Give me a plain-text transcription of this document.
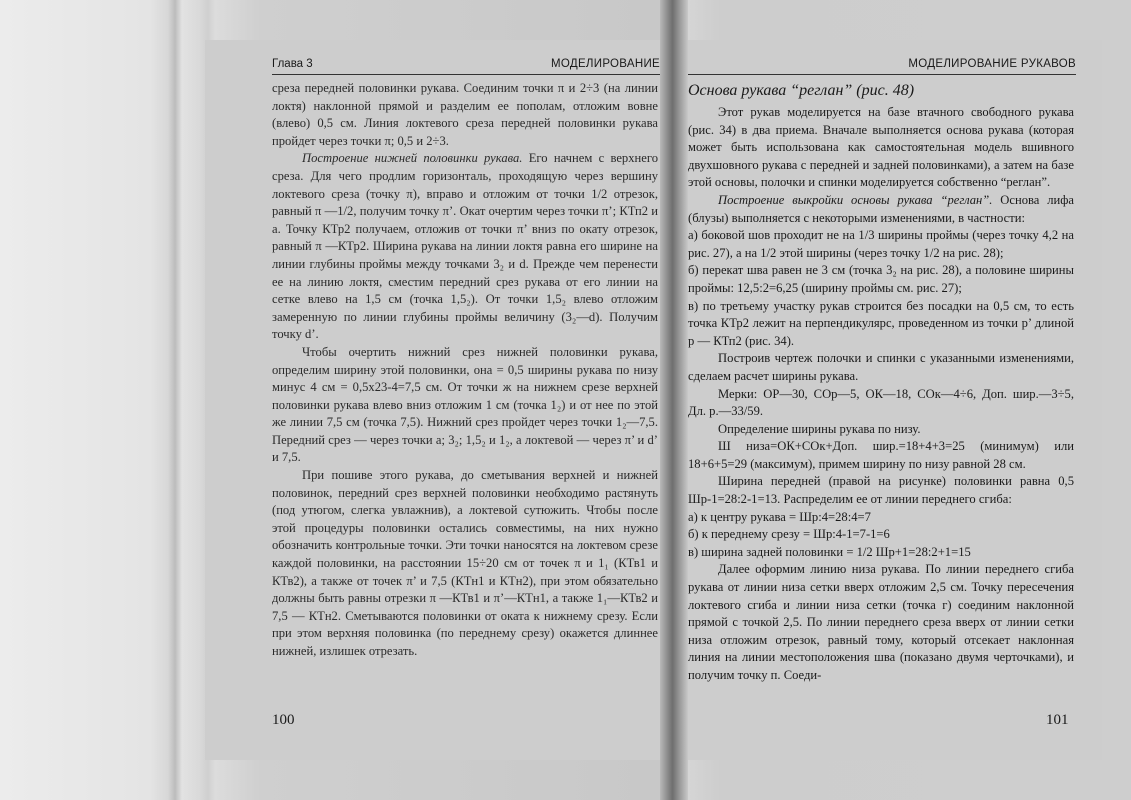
Глава 3	МОДЕЛИРОВАНИЕ	МОДЕЛИРОВАНИЕ РУКАВОВ

среза передней половинки рукава. Соединим точки π и 2÷3 (на линии локтя) наклонной прямой и разделим ее пополам, отложим вовне (влево) 0,5 см. Линия локтевого среза передней половинки рукава пройдет через точки π; 0,5 и 2÷3.

Построение нижней половинки рукава. Его начнем с верхнего среза. Для чего продлим горизонталь, проходящую через вершину локтевого среза (точку π), вправо и отложим от точки 1/2 отрезок, равный π —1/2, получим точку π’. Окат очертим через точки π’; КТп2 и а. Точку КТр2 получаем, отложив от точки π’ вниз по окату отрезок, равный π —КТр2. Ширина рукава на линии локтя равна его ширине на линии глубины проймы между точками 3₂ и d. Прежде чем перенести ее на линию локтя, сместим передний срез рукава от его линии на сетке влево на 1,5 см (точка 1,5₂). От точки 1,5₂ влево отложим замеренную по линии глубины проймы величину (3₂—d). Получим точку d’.

Чтобы очертить нижний срез нижней половинки рукава, определим ширину этой половинки, она = 0,5 ширины рукава по низу минус 4 см = 0,5х23-4=7,5 см. От точки ж на нижнем срезе верхней половинки рукава влево вниз отложим 1 см (точка 1₂) и от нее по этой же линии 7,5 см (точка 7,5). Нижний срез пройдет через точки 1₂—7,5. Передний срез — через точки а; 3₂; 1,5₂ и 1₂, а локтевой — через π’ и d’ и 7,5.

При пошиве этого рукава, до сметывания верхней и нижней половинок, передний срез верхней половинки необходимо растянуть (под утюгом, слегка увлажнив), а локтевой сутюжить. Чтобы после этой процедуры половинки остались совместимы, на них нужно обозначить контрольные точки. Эти точки наносятся на локтевом срезе каждой половинки, на расстоянии 15÷20 см от точек π и 1₁ (КТв1 и КТв2), а также от точек π’ и 7,5 (КТн1 и КТн2), при этом обязательно должны быть равны отрезки π —КТв1 и π’—КТн1, а также 1₁—КТв2 и 7,5 — КТн2. Сметываются половинки от оката к нижнему срезу. Если при этом верхняя половинка (по переднему срезу) окажется длиннее нижней, излишек отрезать.

Основа рукава “реглан” (рис. 48)

Этот рукав моделируется на базе втачного свободного рукава (рис. 34) в два приема. Вначале выполняется основа рукава (которая может быть использована как самостоятельная модель вшивного двухшовного рукава с передней и задней половинками), а затем на базе этой основы, полочки и спинки моделируется собственно “реглан”.

Построение выкройки основы рукава “реглан”. Основа лифа (блузы) выполняется с некоторыми изменениями, в частности:

а) боковой шов проходит не на 1/3 ширины проймы (через точку 4,2 на рис. 27), а на 1/2 этой ширины (через точку 1/2 на рис. 28);

б) перекат шва равен не 3 см (точка 3₂ на рис. 28), а половине ширины проймы: 12,5:2=6,25 (ширину проймы см. рис. 27);

в) по третьему участку рукав строится без посадки на 0,5 см, то есть точка КТр2 лежит на перпендикулярс, проведенном из точки р’ длиной р — КТп2 (рис. 34).

Построив чертеж полочки и спинки с указанными изменениями, сделаем расчет ширины рукава.

Мерки: ОР—30, СОр—5, ОК—18, СОк—4÷6, Доп. шир.—3÷5, Дл. р.—33/59.

Определение ширины рукава по низу.

Ш низа=ОК+СОк+Доп. шир.=18+4+3=25 (минимум) или 18+6+5=29 (максимум), примем ширину по низу равной 28 см.

Ширина передней (правой на рисунке) половинки равна 0,5 Шр-1=28:2-1=13. Распределим ее от линии переднего сгиба:

а) к центру рукава = Шр:4=28:4=7

б) к переднему срезу = Шр:4-1=7-1=6

в) ширина задней половинки = 1/2 Шр+1=28:2+1=15

Далее оформим линию низа рукава. По линии переднего сгиба рукава от линии низа сетки вверх отложим 2,5 см. Точку пересечения локтевого сгиба и линии низа сетки (точка г) соединим наклонной прямой с точкой 2,5. По линии переднего среза вверх от линии сетки низа отложим отрезок, равный тому, который отсекает наклонная линия на линии местоположения шва (показано двумя черточками), и получим точку п. Соеди-

100	101
